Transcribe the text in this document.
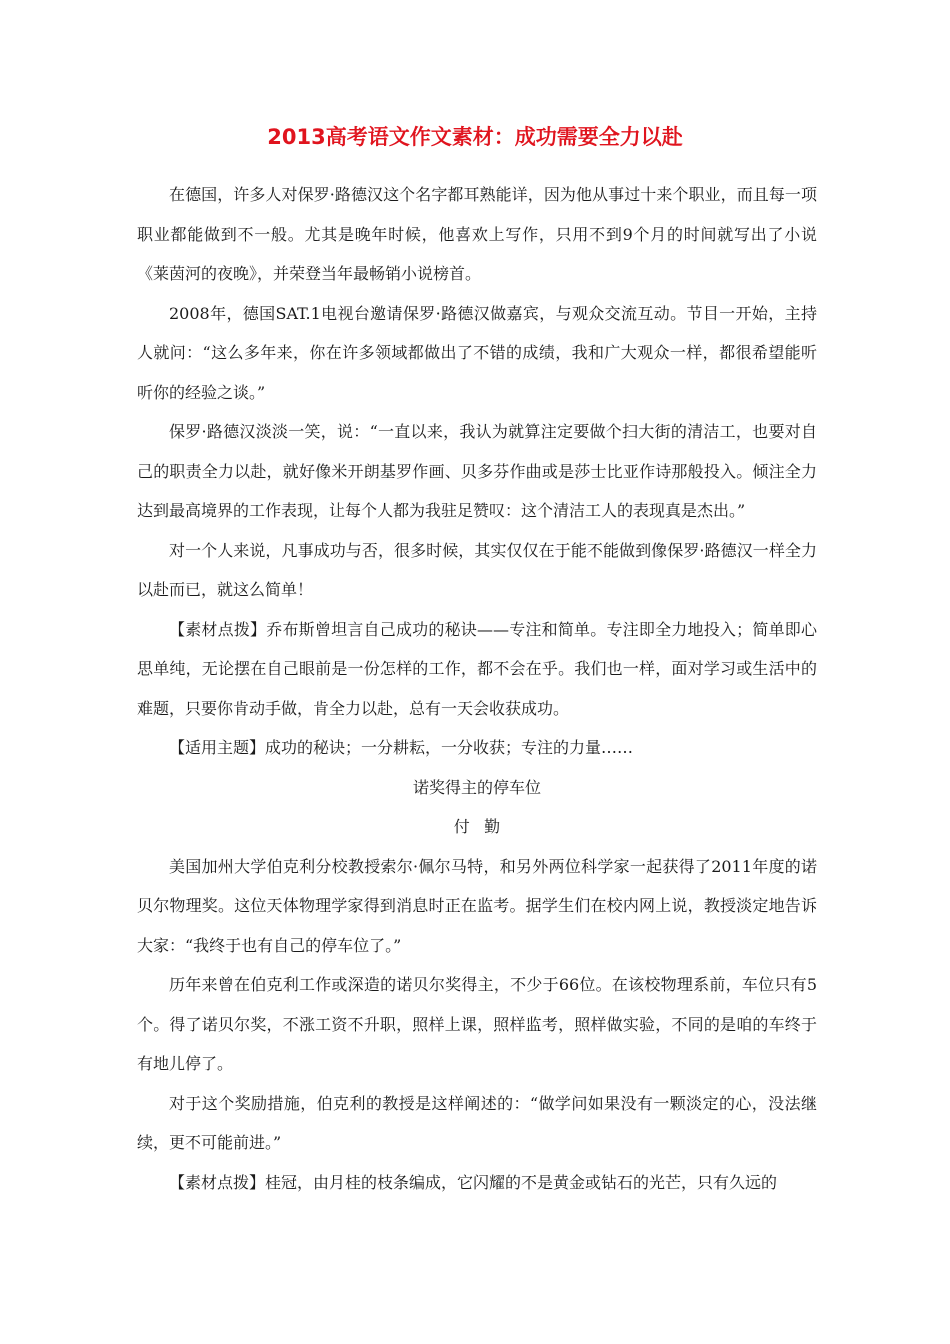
2013高考语文作文素材：成功需要全力以赴

在德国，许多人对保罗·路德汉这个名字都耳熟能详，因为他从事过十来个职业，而且每一项职业都能做到不一般。尤其是晚年时候，他喜欢上写作，只用不到9个月的时间就写出了小说《莱茵河的夜晚》，并荣登当年最畅销小说榜首。

2008年，德国SAT.1电视台邀请保罗·路德汉做嘉宾，与观众交流互动。节目一开始，主持人就问：“这么多年来，你在许多领域都做出了不错的成绩，我和广大观众一样，都很希望能听听你的经验之谈。”

保罗·路德汉淡淡一笑，说：“一直以来，我认为就算注定要做个扫大街的清洁工，也要对自己的职责全力以赴，就好像米开朗基罗作画、贝多芬作曲或是莎士比亚作诗那般投入。倾注全力达到最高境界的工作表现，让每个人都为我驻足赞叹：这个清洁工人的表现真是杰出。”

对一个人来说，凡事成功与否，很多时候，其实仅仅在于能不能做到像保罗·路德汉一样全力以赴而已，就这么简单！

【素材点拨】乔布斯曾坦言自己成功的秘诀——专注和简单。专注即全力地投入；简单即心思单纯，无论摆在自己眼前是一份怎样的工作，都不会在乎。我们也一样，面对学习或生活中的难题，只要你肯动手做，肯全力以赴，总有一天会收获成功。

【适用主题】成功的秘诀；一分耕耘，一分收获；专注的力量……

诺奖得主的停车位

付勤

美国加州大学伯克利分校教授索尔·佩尔马特，和另外两位科学家一起获得了2011年度的诺贝尔物理奖。这位天体物理学家得到消息时正在监考。据学生们在校内网上说，教授淡定地告诉大家：“我终于也有自己的停车位了。”

历年来曾在伯克利工作或深造的诺贝尔奖得主，不少于66位。在该校物理系前，车位只有5个。得了诺贝尔奖，不涨工资不升职，照样上课，照样监考，照样做实验，不同的是咱的车终于有地儿停了。

对于这个奖励措施，伯克利的教授是这样阐述的：“做学问如果没有一颗淡定的心，没法继续，更不可能前进。”

【素材点拨】桂冠，由月桂的枝条编成，它闪耀的不是黄金或钻石的光芒，只有久远的
